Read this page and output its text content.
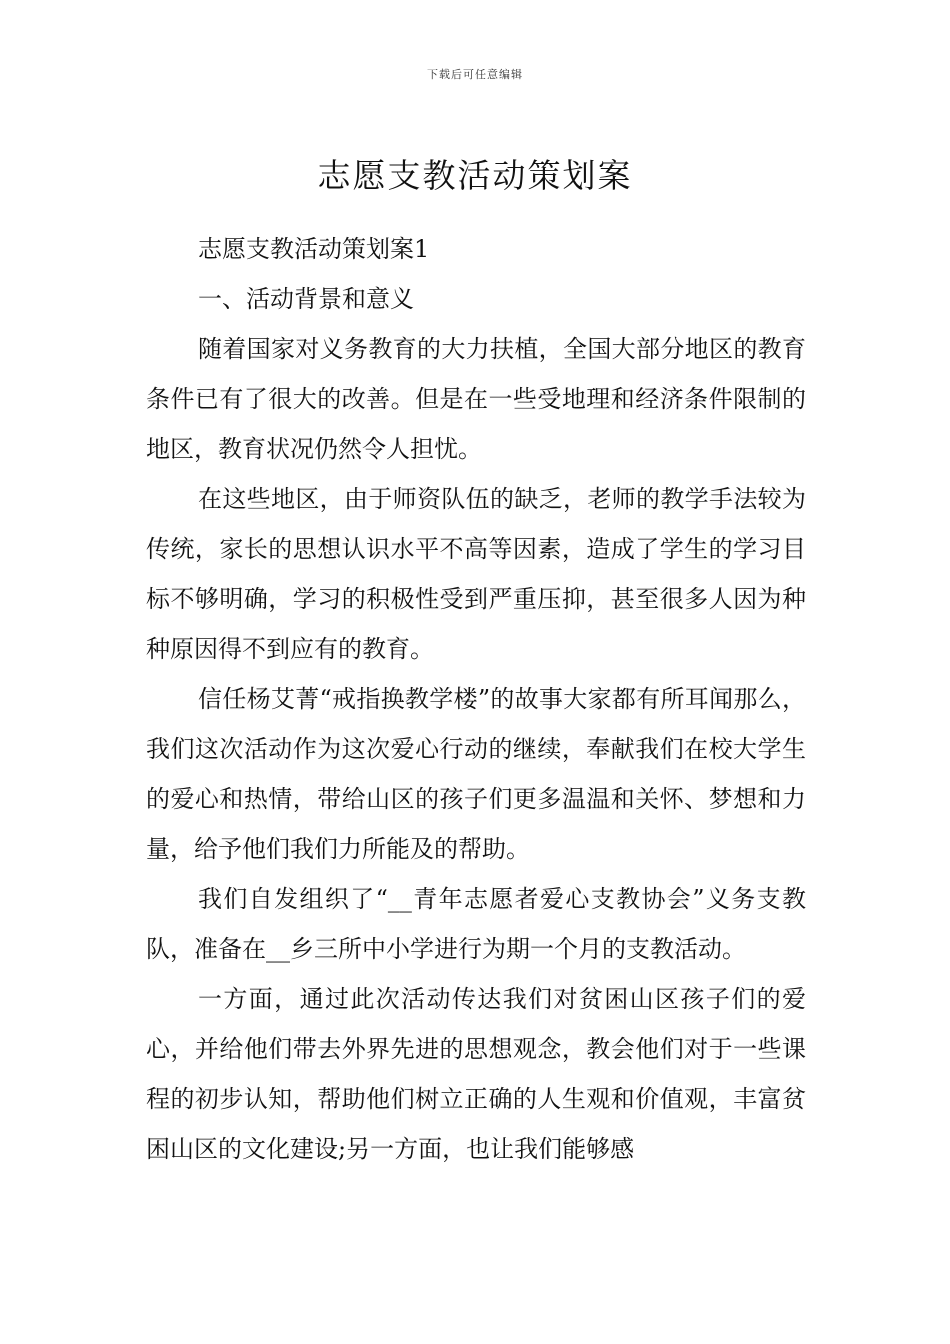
下载后可任意编辑
志愿支教活动策划案

志愿支教活动策划案1

一、活动背景和意义

随着国家对义务教育的大力扶植，全国大部分地区的教育条件已有了很大的改善。但是在一些受地理和经济条件限制的地区，教育状况仍然令人担忧。

在这些地区，由于师资队伍的缺乏，老师的教学手法较为传统，家长的思想认识水平不高等因素，造成了学生的学习目标不够明确，学习的积极性受到严重压抑，甚至很多人因为种种原因得不到应有的教育。

信任杨艾菁“戒指换教学楼”的故事大家都有所耳闻那么，我们这次活动作为这次爱心行动的继续，奉献我们在校大学生的爱心和热情，带给山区的孩子们更多温温和关怀、梦想和力量，给予他们我们力所能及的帮助。

我们自发组织了“__青年志愿者爱心支教协会”义务支教队，准备在__乡三所中小学进行为期一个月的支教活动。

一方面，通过此次活动传达我们对贫困山区孩子们的爱心，并给他们带去外界先进的思想观念，教会他们对于一些课程的初步认知，帮助他们树立正确的人生观和价值观，丰富贫困山区的文化建设;另一方面，也让我们能够感
